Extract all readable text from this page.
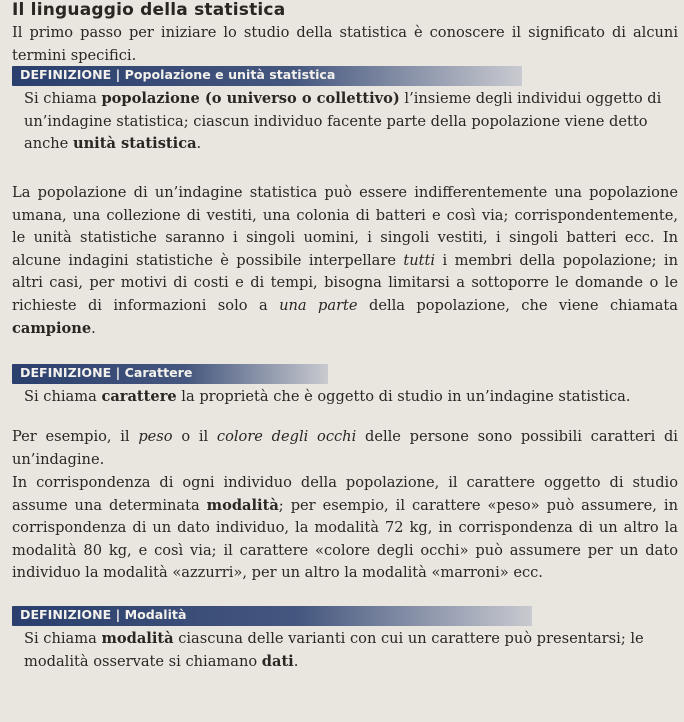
Il linguaggio della statistica
Il primo passo per iniziare lo studio della statistica è conoscere il significato di alcuni termini specifici.
DEFINIZIONE | Popolazione e unità statistica
Si chiama popolazione (o universo o collettivo) l’insieme degli individui oggetto di un’indagine statistica; ciascun individuo facente parte della popolazione viene detto anche unità statistica.
La popolazione di un’indagine statistica può essere indifferentemente una popolazione umana, una collezione di vestiti, una colonia di batteri e così via; corrispondentemente, le unità statistiche saranno i singoli uomini, i singoli vestiti, i singoli batteri ecc. In alcune indagini statistiche è possibile interpellare tutti i membri della popolazione; in altri casi, per motivi di costi e di tempi, bisogna limitarsi a sottoporre le domande o le richieste di informazioni solo a una parte della popolazione, che viene chiamata campione.
DEFINIZIONE | Carattere
Si chiama carattere la proprietà che è oggetto di studio in un’indagine statistica.
Per esempio, il peso o il colore degli occhi delle persone sono possibili caratteri di un’indagine.
In corrispondenza di ogni individuo della popolazione, il carattere oggetto di studio assume una determinata modalità; per esempio, il carattere «peso» può assumere, in corrispondenza di un dato individuo, la modalità 72 kg, in corrispondenza di un altro la modalità 80 kg, e così via; il carattere «colore degli occhi» può assumere per un dato individuo la modalità «azzurri», per un altro la modalità «marroni» ecc.
DEFINIZIONE | Modalità
Si chiama modalità ciascuna delle varianti con cui un carattere può presentarsi; le modalità osservate si chiamano dati.
